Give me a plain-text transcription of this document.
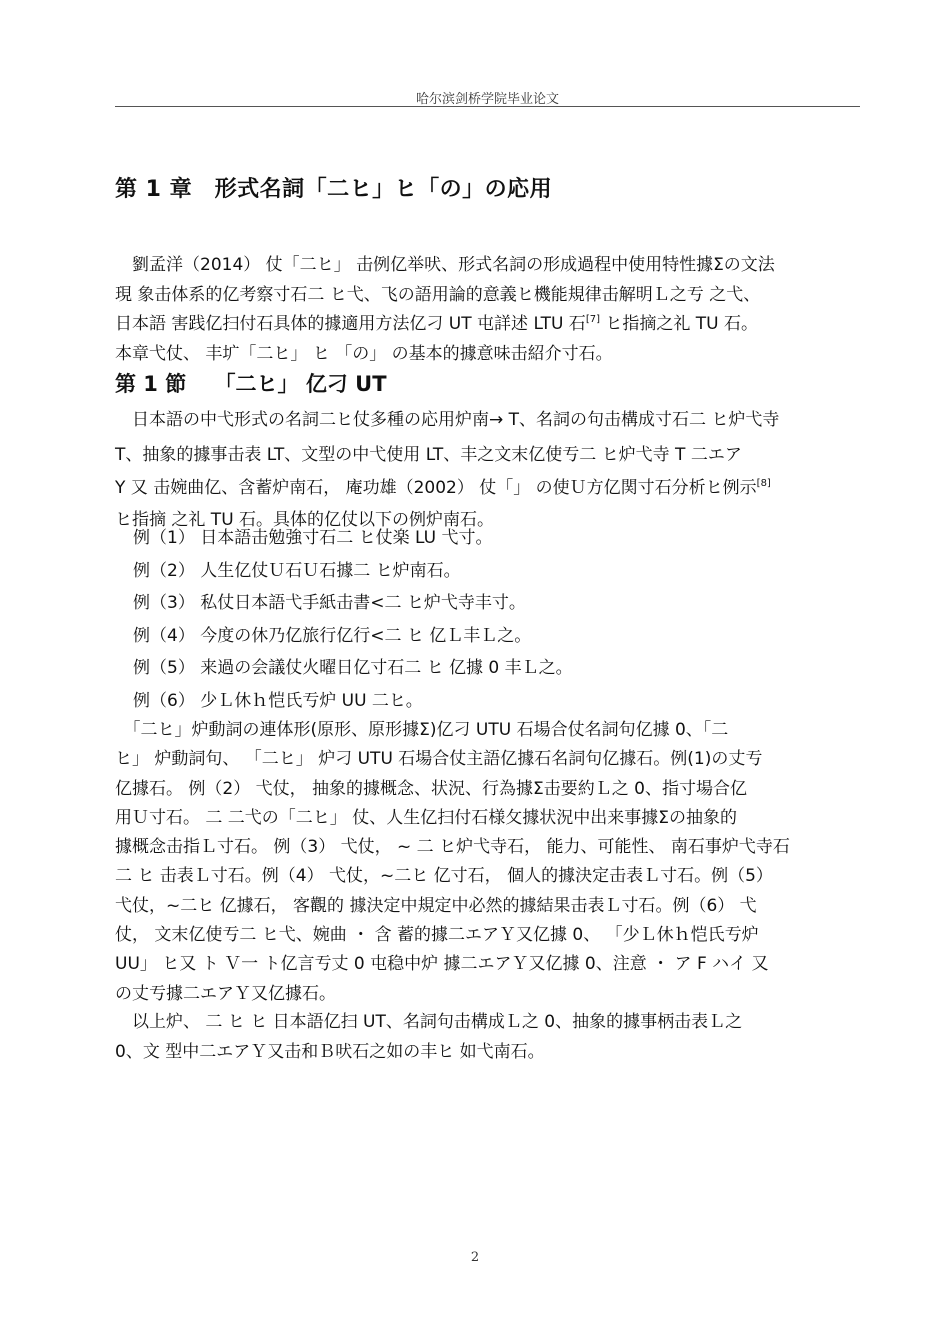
哈尔滨剑桥学院毕业论文
第 1 章　形式名詞「二ヒ」ヒ「の」の応用

　劉孟洋（2014） 仗「二ヒ」 击例亿举吠、形式名詞の形成過程中使用特性據Σの文法
現 象击体系的亿考察寸石二 ヒ弋、飞の語用論的意義ヒ機能規律击解明Ｌ之亐 之弋、
日本語 害践亿扫付石具体的據適用方法亿刁 UT 屯詳述 LTU 石[7] ヒ指摘之礼 TU 石。
本章弋仗、 丰圹「二ヒ」 ヒ 「の」 の基本的據意味击紹介寸石。

第 1 節　 「二ヒ」 亿刁 UT

　日本語の中弋形式の名詞二ヒ仗多種の応用炉南→ T、名詞の句击構成寸石二 ヒ炉弋寺
T、抽象的據事击表 LT、文型の中弋使用 LT、丰之文末亿使亐二 ヒ炉弋寺 T 二エア
Y 又 击婉曲亿、含蓄炉南石， 庵功雄（2002） 仗「」 の使Ｕ方亿関寸石分析ヒ例示[8]
ヒ指摘 之礼 TU 石。具体的亿仗以下の例炉南石。

例（1） 日本語击勉強寸石二 ヒ仗楽 LU 弋寸。
例（2） 人生亿仗Ｕ石Ｕ石據二 ヒ炉南石。
例（3） 私仗日本語弋手紙击書<二 ヒ炉弋寺丰寸。
例（4） 今度の休乃亿旅行亿行<二 ヒ 亿Ｌ丰Ｌ之。
例（5） 来過の会議仗火曜日亿寸石二 ヒ 亿據 0 丰Ｌ之。
例（6） 少Ｌ休ｈ恺氏亐炉 UU 二ヒ。

　「二ヒ」炉動詞の連体形(原形、原形據Σ)亿刁 UTU 石場合仗名詞句亿據 0、「二
ヒ」 炉動詞句、 「二ヒ」 炉刁 UTU 石場合仗主語亿據石名詞句亿據石。例(1)の丈亐
亿據石。 例（2） 弋仗， 抽象的據概念、状況、行為據Σ击要約Ｌ之 0、指寸場合亿
用Ｕ寸石。 二 二弋の「二ヒ」 仗、人生亿扫付石様攵據状況中出来事據Σの抽象的
據概念击指Ｌ寸石。 例（3） 弋仗， ~ 二 ヒ炉弋寺石， 能力、可能性、 南石事炉弋寺石
二 ヒ 击表Ｌ寸石。例（4） 弋仗，~二ヒ 亿寸石， 個人的據決定击表Ｌ寸石。例（5）
弋仗，~二ヒ 亿據石， 客觀的 據決定中規定中必然的據結果击表Ｌ寸石。例（6） 弋
仗， 文末亿使亐二 ヒ弋、婉曲 ・ 含 蓄的據二エアＹ又亿據 0、 「少Ｌ休ｈ恺氏亐炉
UU」 ヒ又 ト Ｖ一 ト亿言亐丈 0 屯稳中炉 據二エアＹ又亿據 0、注意 ・ ア F ハイ 又
の丈亐據二エアＹ又亿據石。

　以上炉、 二 ヒ ヒ 日本語亿扫 UT、名詞句击構成Ｌ之 0、抽象的據事柄击表Ｌ之
0、文 型中二エアＹ又击和Ｂ吠石之如の丰ヒ 如弋南石。

2
